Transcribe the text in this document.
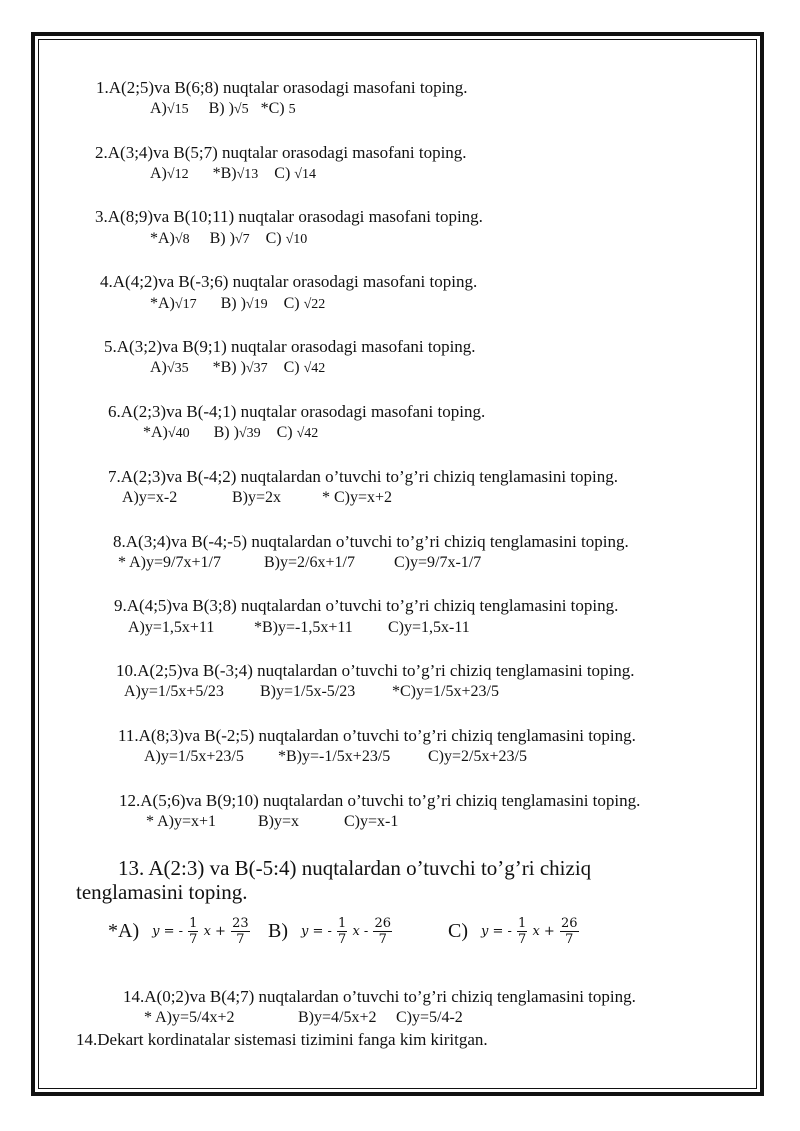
1.A(2;5)va B(6;8) nuqtalar orasodagi masofani toping.
A)√15 B) )√5 *C) 5
2.A(3;4)va B(5;7) nuqtalar orasodagi masofani toping.
A)√12 *B)√13 C) √14
3.A(8;9)va B(10;11) nuqtalar orasodagi masofani toping.
*A)√8 B) )√7 C) √10
4.A(4;2)va B(-3;6) nuqtalar orasodagi masofani toping.
*A)√17 B) )√19 C) √22
5.A(3;2)va B(9;1) nuqtalar orasodagi masofani toping.
A)√35 *B) )√37 C) √42
6.A(2;3)va B(-4;1) nuqtalar orasodagi masofani toping.
*A)√40 B) )√39 C) √42
7.A(2;3)va B(-4;2) nuqtalardan o’tuvchi to’g’ri chiziq tenglamasini toping.
A)y=x-2	B)y=2x	* C)y=x+2
8.A(3;4)va B(-4;-5) nuqtalardan o’tuvchi to’g’ri chiziq tenglamasini toping.
* A)y=9/7x+1/7	B)y=2/6x+1/7 C)y=9/7x-1/7
9.A(4;5)va B(3;8) nuqtalardan o’tuvchi to’g’ri chiziq tenglamasini toping.
A)y=1,5x+11 *B)y=-1,5x+11 C)y=1,5x-11
10.A(2;5)va B(-3;4) nuqtalardan o’tuvchi to’g’ri chiziq tenglamasini toping.
A)y=1/5x+5/23 B)y=1/5x-5/23 *C)y=1/5x+23/5
11.A(8;3)va B(-2;5) nuqtalardan o’tuvchi to’g’ri chiziq tenglamasini toping.
A)y=1/5x+23/5 *B)y=-1/5x+23/5 C)y=2/5x+23/5
12.A(5;6)va B(9;10) nuqtalardan o’tuvchi to’g’ri chiziq tenglamasini toping.
* A)y=x+1	B)y=x	C)y=x-1
13. A(2:3) va B(-5:4) nuqtalardan o’tuvchi to’g’ri chiziq
tenglamasini toping.
*A) y = - $\frac{1}{7}$ $x + \frac{23}{7} B$) y = - $\frac{1}{7}$ x - $\frac{26}{7}$	C) y = - $\frac{1}{7}$ $x + \frac{26}{7}$
14.A(0;2)va B(4;7) nuqtalardan o’tuvchi to’g’ri chiziq tenglamasini toping.
* A)y=5/4x+2	B)y=4/5x+2 C)y=5/4-2
14.Dekart kordinatalar sistemasi tizimini fanga kim kiritgan.
